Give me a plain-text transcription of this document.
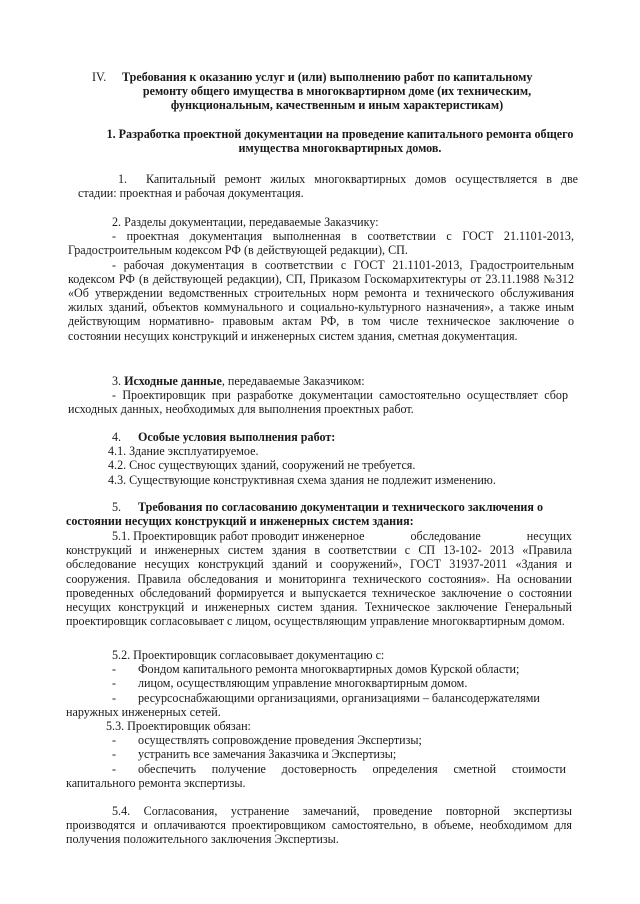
IV. Требования к оказанию услуг и (или) выполнению работ по капитальному
ремонту общего имущества в многоквартирном доме (их техническим,
функциональным, качественным и иным характеристикам)
1. Разработка проектной документации на проведение капитального ремонта общего
имущества многоквартирных домов.
1. Капитальный ремонт жилых многоквартирных домов осуществляется в две стадии: проектная и рабочая документация.
2. Разделы документации, передаваемые Заказчику:
- проектная документация выполненная в соответствии с ГОСТ 21.1101-2013, Градостроительным кодексом РФ (в действующей редакции), СП.
- рабочая документация в соответствии с ГОСТ 21.1101-2013, Градостроительным кодексом РФ (в действующей редакции), СП, Приказом Госкомархитектуры от 23.11.1988 №312 «Об утверждении ведомственных строительных норм ремонта и технического обслуживания жилых зданий, объектов коммунального и социально-культурного назначения», а также иным действующим нормативно- правовым актам РФ, в том числе техническое заключение о состоянии несущих конструкций и инженерных систем здания, сметная документация.
3. Исходные данные, передаваемые Заказчиком:
- Проектировщик при разработке документации самостоятельно осуществляет сбор исходных данных, необходимых для выполнения проектных работ.
4. Особые условия выполнения работ:
4.1. Здание эксплуатируемое.
4.2. Снос существующих зданий, сооружений не требуется.
4.3. Существующие конструктивная схема здания не подлежит изменению.
5. Требования по согласованию документации и технического заключения о
состоянии несущих конструкций и инженерных систем здания:
5.1. Проектировщик работ проводит инженерное	обследование	несущих
конструкций и инженерных систем здания в соответствии с СП 13-102- 2013 «Правила обследование несущих конструкций зданий и сооружений», ГОСТ 31937-2011 «Здания и сооружения. Правила обследования и мониторинга технического состояния». На основании проведенных обследований формируется и выпускается техническое заключение о состоянии несущих конструкций и инженерных систем здания. Техническое заключение Генеральный проектировщик согласовывает с лицом, осуществляющим управление многоквартирным домом.
5.2. Проектировщик согласовывает документацию с:
- Фондом капитального ремонта многоквартирных домов Курской области;
- лицом, осуществляющим управление многоквартирным домом.
- ресурсоснабжающими организациями, организациями – балансодержателями
наружных инженерных сетей.
5.3. Проектировщик обязан:
- осуществлять сопровождение проведения Экспертизы;
- устранить все замечания Заказчика и Экспертизы;
- обеспечить получение достоверность определения сметной стоимости
капитального ремонта экспертизы.
5.4. Согласования, устранение замечаний, проведение повторной экспертизы производятся и оплачиваются проектировщиком самостоятельно, в объеме, необходимом для получения положительного заключения Экспертизы.
